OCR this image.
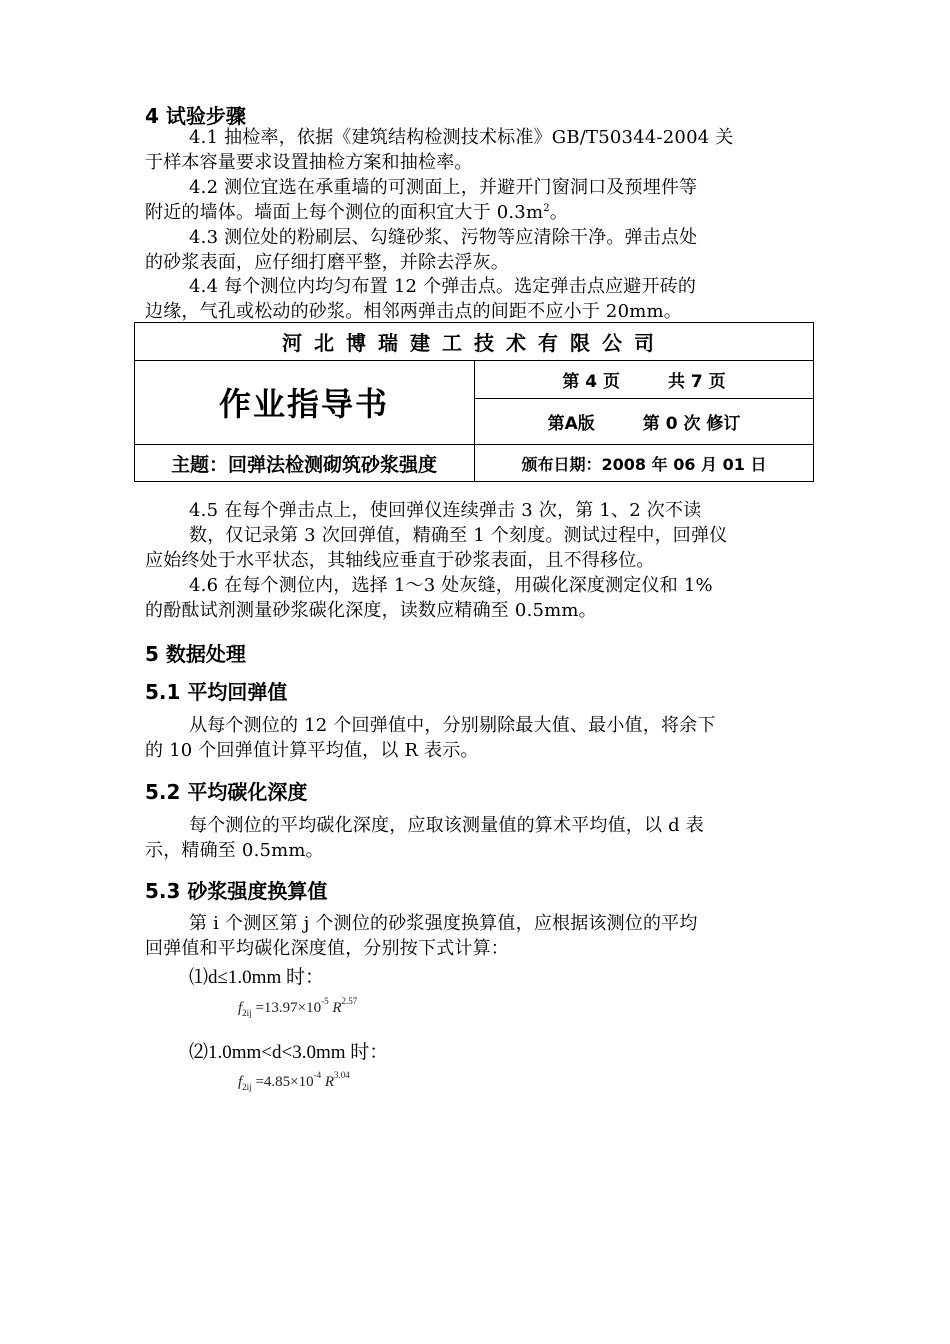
4 试验步骤
4.1 抽检率，依据《建筑结构检测技术标准》GB/T50344-2004 关
于样本容量要求设置抽检方案和抽检率。
4.2 测位宜选在承重墙的可测面上，并避开门窗洞口及预埋件等
附近的墙体。墙面上每个测位的面积宜大于 $0.3m^2$。
4.3 测位处的粉刷层、勾缝砂浆、污物等应清除干净。弹击点处
的砂浆表面，应仔细打磨平整，并除去浮灰。
4.4 每个测位内均匀布置 12 个弹击点。选定弹击点应避开砖的
边缘，气孔或松动的砂浆。相邻两弹击点的间距不应小于 20mm。
河北博瑞建工技术有限公司
作业指导书
第 4 页	共 7 页
第A版	第 0 次 修订
主题：回弹法检测砌筑砂浆强度	颁布日期：2008 年 06 月 01 日
4.5 在每个弹击点上，使回弹仪连续弹击 3 次，第 1、2 次不读
数，仅记录第 3 次回弹值，精确至 1 个刻度。测试过程中，回弹仪
应始终处于水平状态，其轴线应垂直于砂浆表面，且不得移位。
4.6 在每个测位内，选择 1～3 处灰缝，用碳化深度测定仪和 1%
的酚酞试剂测量砂浆碳化深度，读数应精确至 0.5mm。
5 数据处理
5.1 平均回弹值
从每个测位的 12 个回弹值中，分别剔除最大值、最小值，将余下
的 10 个回弹值计算平均值，以 R 表示。
5.2 平均碳化深度
每个测位的平均碳化深度，应取该测量值的算术平均值，以 d 表
示，精确至 0.5mm。
5.3 砂浆强度换算值
第 i 个测区第 j 个测位的砂浆强度换算值，应根据该测位的平均
回弹值和平均碳化深度值，分别按下式计算：
⑴d≤1.0mm 时：
$f_{2ij} =13.97\times 10^{-5}$ $R^{2.57}$
⑵1.0mm<d<3.0mm 时：
$f_{2ij} =4.85\times 10^{-4}$ $R^{3.04}$
